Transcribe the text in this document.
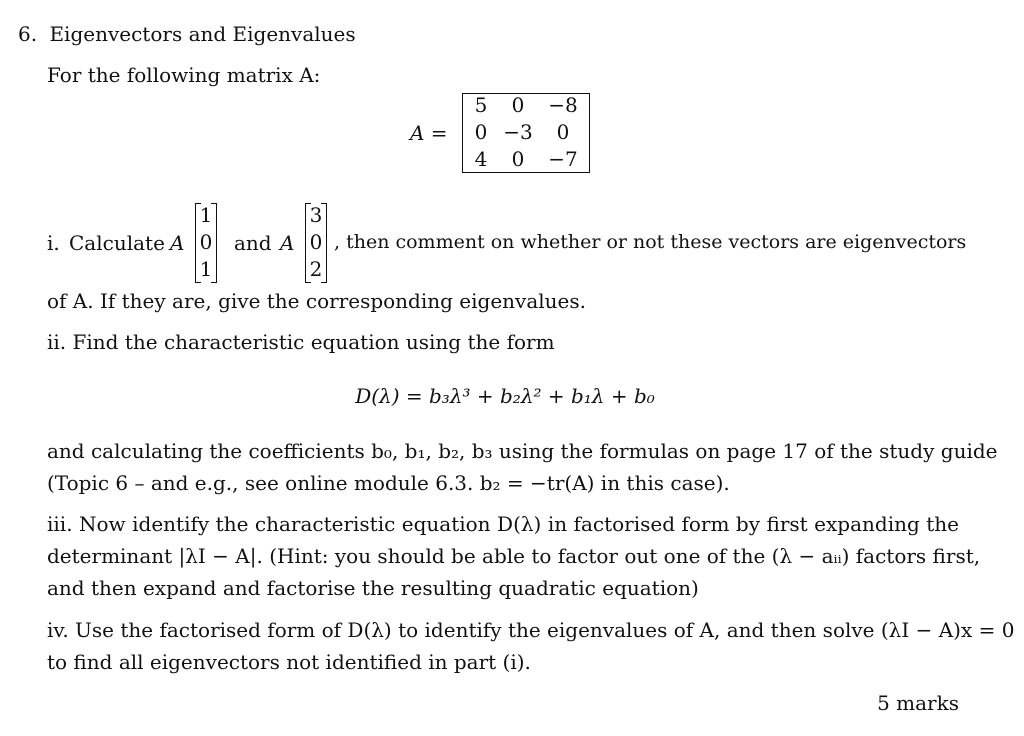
6. Eigenvectors and Eigenvalues
For the following matrix A:
A =
5	0	−8
0 −3	0
4	0	−7
i. Calculate A
1
0
1
and A
3
0
2
, then comment on whether or not these vectors are eigenvectors
of A. If they are, give the corresponding eigenvalues.
ii. Find the characteristic equation using the form
D(λ) = b₃λ³ + b₂λ² + b₁λ + b₀
and calculating the coefficients b₀, b₁, b₂, b₃ using the formulas on page 17 of the study guide
(Topic 6 – and e.g., see online module 6.3. b₂ = −tr(A) in this case).
iii. Now identify the characteristic equation D(λ) in factorised form by first expanding the
determinant |λI − A|. (Hint: you should be able to factor out one of the (λ − aᵢᵢ) factors first,
and then expand and factorise the resulting quadratic equation)
iv. Use the factorised form of D(λ) to identify the eigenvalues of A, and then solve (λI − A)x = 0
to find all eigenvectors not identified in part (i).
5 marks
